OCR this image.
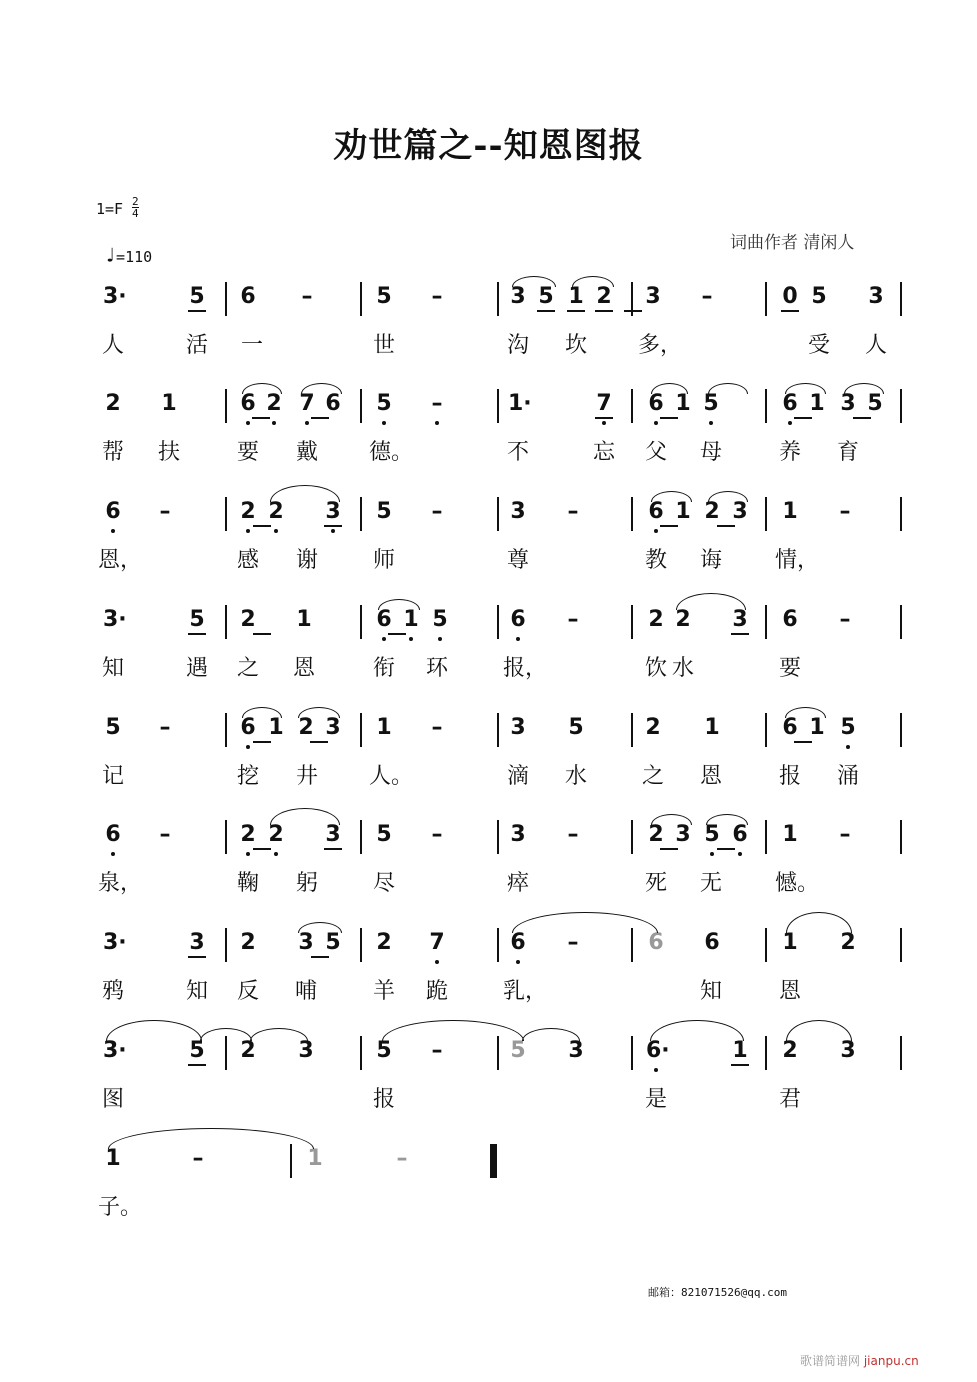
劝世篇之--知恩图报
$1=F \frac{2}{4}$
♩=110
词曲作者 清闲人
3·	5 6 –	5 –	3 5 1 2 3 –	0 5 3
人	活 一	世	沟 坎 多，	受 人
2 1	6 2 7 6 5 –	1·	7 6 1 5	6 1 3 5
帮 扶	要 戴 德。	不	忘 父 母	养 育
6 –	2 2 3 5 –	3 –	6 1 2 3 1 –
恩，	感 谢 师	尊	教 诲 情，
3·	5 2 1	6 1 5	6 –	2 2 3 6 –
知	遇 之 恩	衔 环	报，	饮 水	要
5 –	6 1 2 3 1 –	3 5	2 1	6 1 5
记	挖 井 人。	滴 水 之 恩	报 涌
6 –	2 2 3 5 –	3 –	2 3 5 6 1 –
泉，	鞠 躬 尽	瘁	死 无 憾。
3·	3 2 3 5 2 7	6 –	6 6	1 2
鸦	知 反 哺	羊 跪	乳，	知	恩
3·	5 2 3	5 –	5 3	6·	1 2 3
图	报	是	君
1	–	1	–
子。
邮箱：821071526@qq.com
歌谱简谱网 jianpu.cn
